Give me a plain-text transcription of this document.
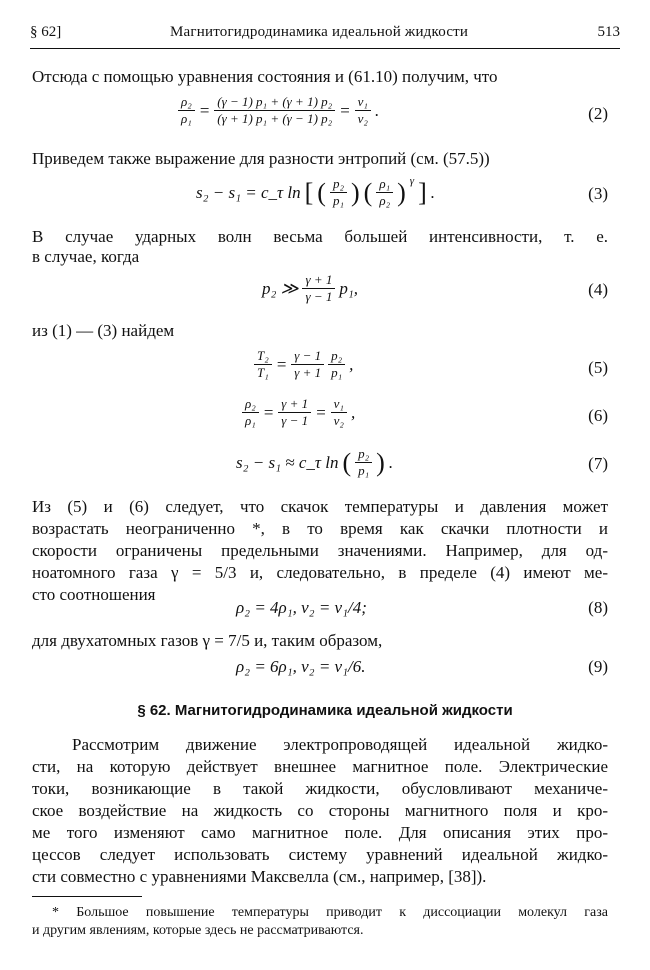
§ 62]	Магнитогидродинамика идеальной жидкости	513
Отсюда с помощью уравнения состояния и (61.10) получим, что
$\frac{\text{ρ₂}}{\text{ρ₁}} = \frac{\text{(γ − 1) p₁ + (γ + 1) p₂}}{\text{(γ + 1) p₁ + (γ − 1) p₂}} = \frac{\text{v₁}}{\text{v₂}}$ .	(2)
Приведем также выражение для разности энтропий (см. (57.5))
s₂ − s₁ = c_τ ln [ ( $\frac{\text{p₂}}{\text{p₁}}$ ) ( $\frac{\text{ρ₁}}{\text{ρ₂}}$ ) $^\gamma$ ] .	(3)
В случае ударных волн весьма большей интенсивности, т. е.
в случае, когда
p₂ ≫ $\frac{\gamma + 1}{\gamma - 1} p_1$,	(4)
из (1) — (3) найдем
$\frac{\text{T₂}}{\text{T₁}} = \frac{\gamma - 1}{\gamma + 1} \frac{\text{p₂}}{\text{p₁}}$ ,	(5)
$\frac{\text{ρ₂}}{\text{ρ₁}} = \frac{\gamma + 1}{\gamma - 1} = \frac{\text{v₁}}{\text{v₂}}$ ,	(6)
s₂ − s₁ ≈ c_τ ln ( $\frac{\text{p₂}}{\text{p₁}}$ ) .	(7)
Из (5) и (6) следует, что скачок температуры и давления может
возрастать неограниченно *, в то время как скачки плотности и
скорости ограничены предельными значениями. Например, для од-
ноатомного газа γ = 5/3 и, следовательно, в пределе (4) имеют ме-
сто соотношения
ρ₂ = 4ρ₁, v₂ = v₁/4;	(8)
для двухатомных газов γ = 7/5 и, таким образом,
ρ₂ = 6ρ₁, v₂ = v₁/6.	(9)
§ 62. Магнитогидродинамика идеальной жидкости
Рассмотрим движение электропроводящей идеальной жидко-
сти, на которую действует внешнее магнитное поле. Электрические
токи, возникающие в такой жидкости, обусловливают механиче-
ское воздействие на жидкость со стороны магнитного поля и кро-
ме того изменяют само магнитное поле. Для описания этих про-
цессов следует использовать систему уравнений идеальной жидко-
сти совместно с уравнениями Максвелла (см., например, [38]).
* Большое повышение температуры приводит к диссоциации молекул газа
и другим явлениям, которые здесь не рассматриваются.
